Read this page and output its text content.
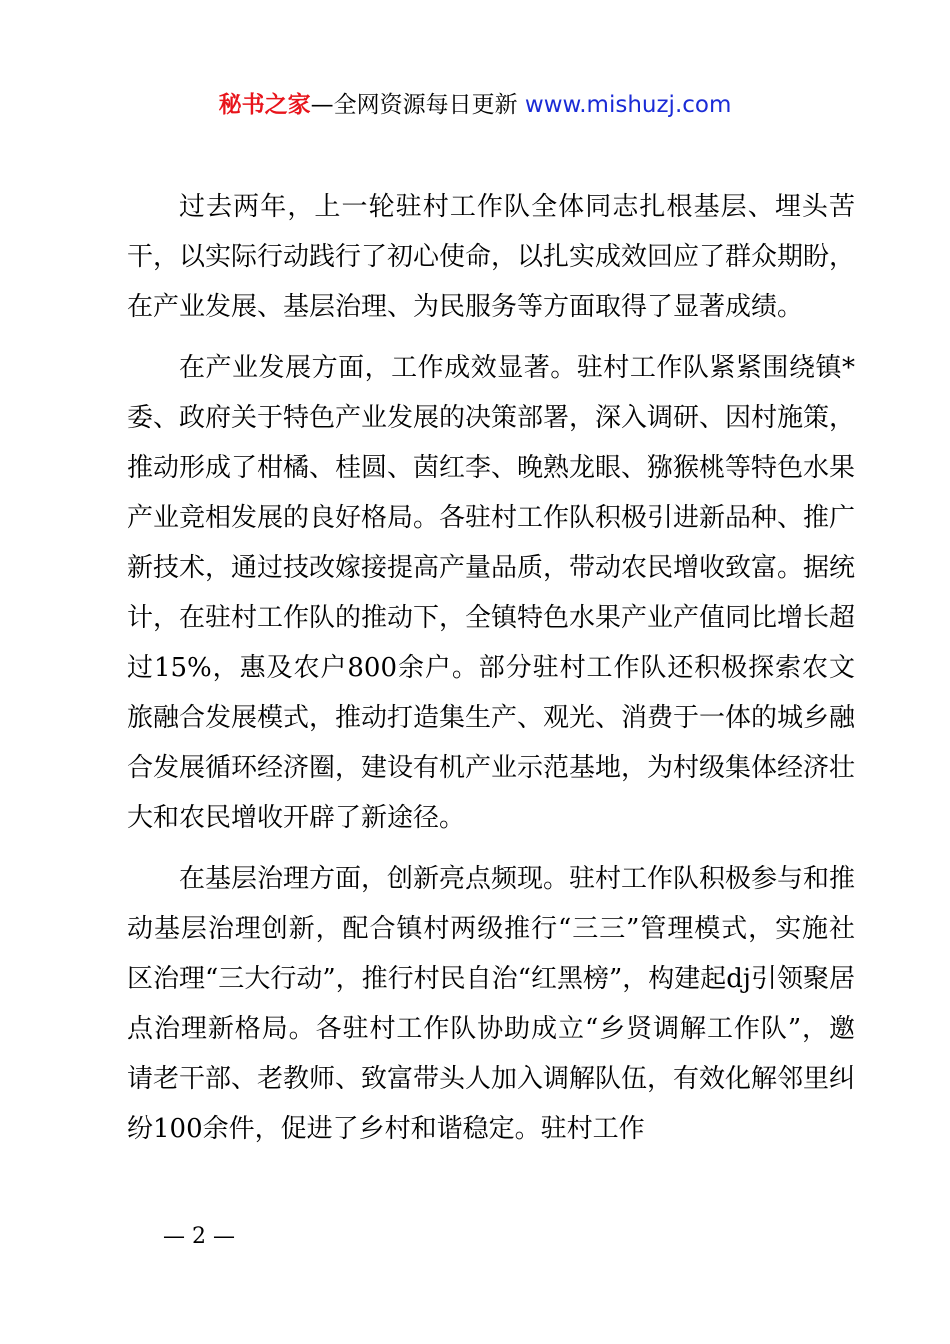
秘书之家—全网资源每日更新 www.mishuzj.com

过去两年，上一轮驻村工作队全体同志扎根基层、埋头苦干，以实际行动践行了初心使命，以扎实成效回应了群众期盼，在产业发展、基层治理、为民服务等方面取得了显著成绩。

在产业发展方面，工作成效显著。驻村工作队紧紧围绕镇*委、政府关于特色产业发展的决策部署，深入调研、因村施策，推动形成了柑橘、桂圆、茵红李、晚熟龙眼、猕猴桃等特色水果产业竞相发展的良好格局。各驻村工作队积极引进新品种、推广新技术，通过技改嫁接提高产量品质，带动农民增收致富。据统计，在驻村工作队的推动下，全镇特色水果产业产值同比增长超过15%，惠及农户800余户。部分驻村工作队还积极探索农文旅融合发展模式，推动打造集生产、观光、消费于一体的城乡融合发展循环经济圈，建设有机产业示范基地，为村级集体经济壮大和农民增收开辟了新途径。

在基层治理方面，创新亮点频现。驻村工作队积极参与和推动基层治理创新，配合镇村两级推行“三三”管理模式，实施社区治理“三大行动”，推行村民自治“红黑榜”，构建起dj引领聚居点治理新格局。各驻村工作队协助成立“乡贤调解工作队”，邀请老干部、老教师、致富带头人加入调解队伍，有效化解邻里纠纷100余件，促进了乡村和谐稳定。驻村工作

— 2 —
